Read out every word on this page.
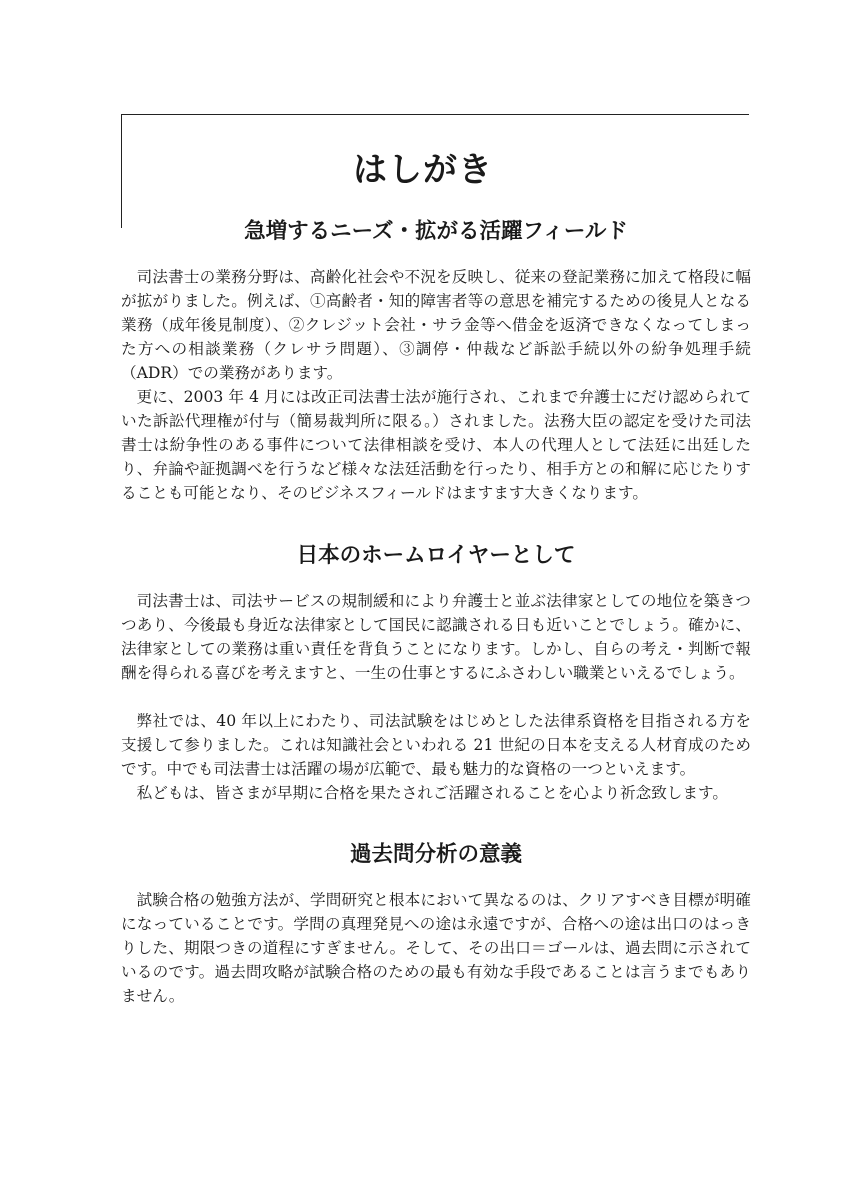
はしがき
急増するニーズ・拡がる活躍フィールド

司法書士の業務分野は、高齢化社会や不況を反映し、従来の登記業務に加えて格段に幅が拡がりました。例えば、①高齢者・知的障害者等の意思を補完するための後見人となる業務（成年後見制度）、②クレジット会社・サラ金等へ借金を返済できなくなってしまった方への相談業務（クレサラ問題）、③調停・仲裁など訴訟手続以外の紛争処理手続（ADR）での業務があります。

更に、2003 年 4 月には改正司法書士法が施行され、これまで弁護士にだけ認められていた訴訟代理権が付与（簡易裁判所に限る。）されました。法務大臣の認定を受けた司法書士は紛争性のある事件について法律相談を受け、本人の代理人として法廷に出廷したり、弁論や証拠調べを行うなど様々な法廷活動を行ったり、相手方との和解に応じたりすることも可能となり、そのビジネスフィールドはますます大きくなります。

日本のホームロイヤーとして

司法書士は、司法サービスの規制緩和により弁護士と並ぶ法律家としての地位を築きつつあり、今後最も身近な法律家として国民に認識される日も近いことでしょう。確かに、法律家としての業務は重い責任を背負うことになります。しかし、自らの考え・判断で報酬を得られる喜びを考えますと、一生の仕事とするにふさわしい職業といえるでしょう。

弊社では、40 年以上にわたり、司法試験をはじめとした法律系資格を目指される方を支援して参りました。これは知識社会といわれる 21 世紀の日本を支える人材育成のためです。中でも司法書士は活躍の場が広範で、最も魅力的な資格の一つといえます。

私どもは、皆さまが早期に合格を果たされご活躍されることを心より祈念致します。

過去問分析の意義

試験合格の勉強方法が、学問研究と根本において異なるのは、クリアすべき目標が明確になっていることです。学問の真理発見への途は永遠ですが、合格への途は出口のはっきりした、期限つきの道程にすぎません。そして、その出口＝ゴールは、過去問に示されているのです。過去問攻略が試験合格のための最も有効な手段であることは言うまでもありません。
